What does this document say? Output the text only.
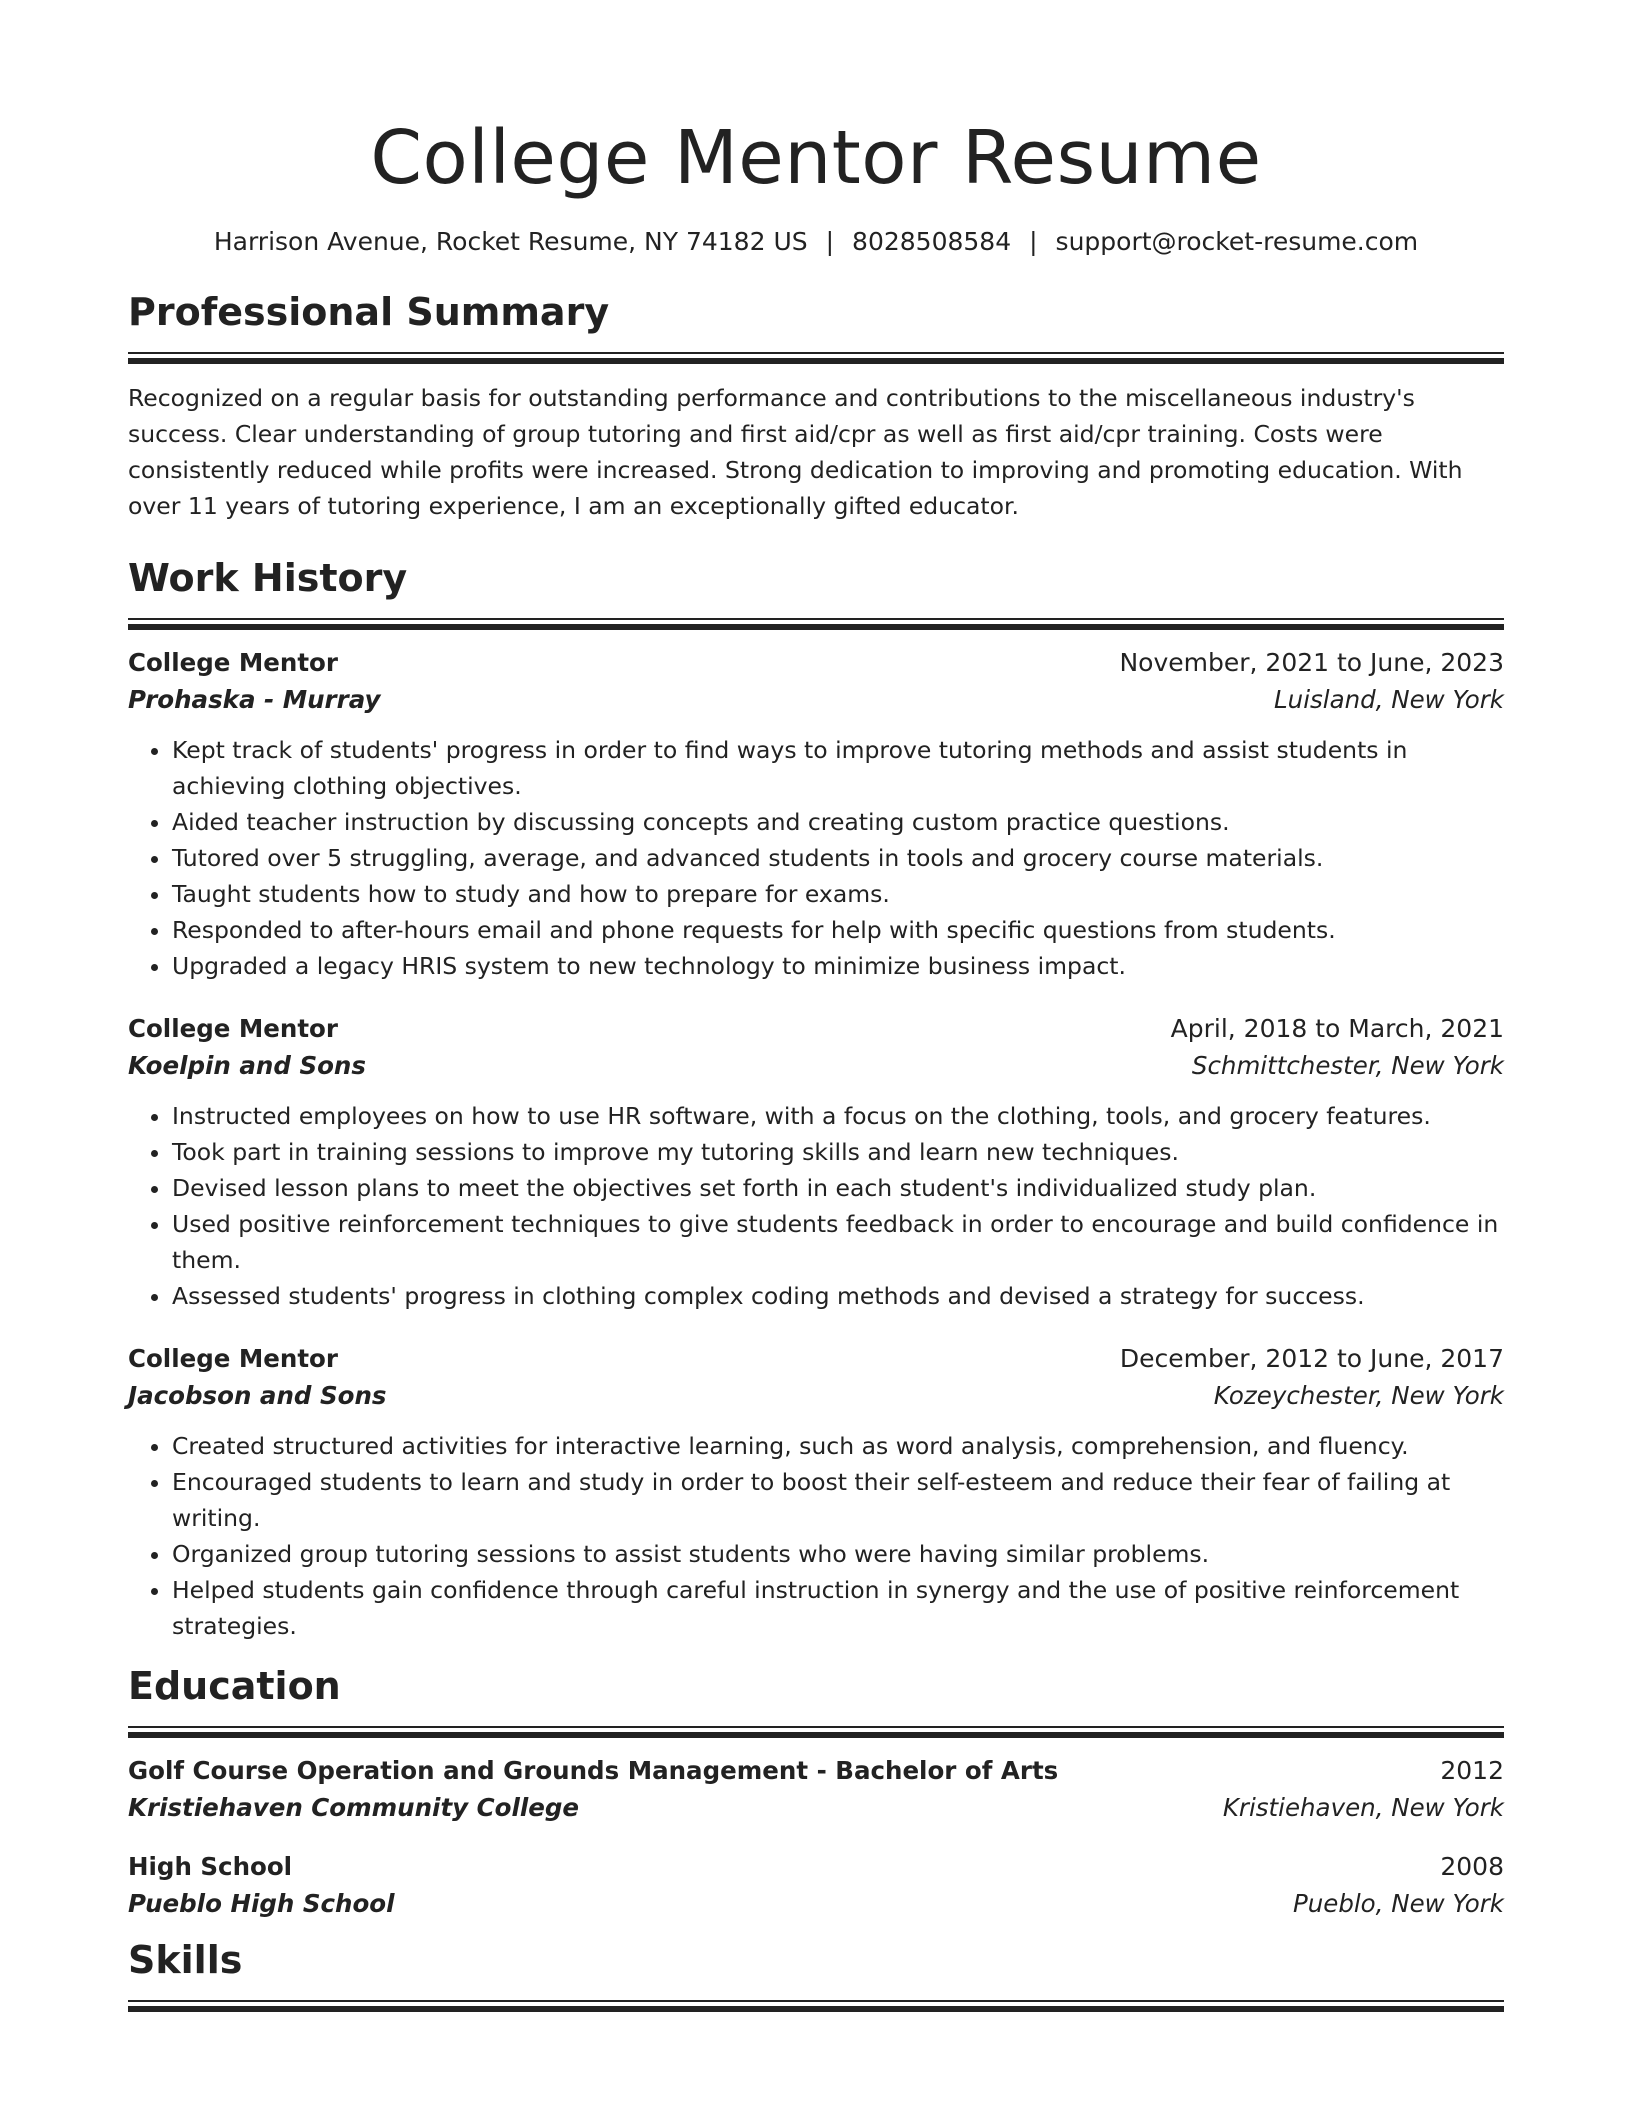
College Mentor Resume
Harrison Avenue, Rocket Resume, NY 74182 US | 8028508584 | support@rocket-resume.com
Professional Summary

Recognized on a regular basis for outstanding performance and contributions to the miscellaneous industry's success. Clear understanding of group tutoring and first aid/cpr as well as first aid/cpr training. Costs were consistently reduced while profits were increased. Strong dedication to improving and promoting education. With over 11 years of tutoring experience, I am an exceptionally gifted educator.

Work History
College Mentor	November, 2021 to June, 2023
Prohaska - Murray	Luisland, New York
• Kept track of students' progress in order to find ways to improve tutoring methods and assist students in achieving clothing objectives.
• Aided teacher instruction by discussing concepts and creating custom practice questions.
• Tutored over 5 struggling, average, and advanced students in tools and grocery course materials.
• Taught students how to study and how to prepare for exams.
• Responded to after-hours email and phone requests for help with specific questions from students.
• Upgraded a legacy HRIS system to new technology to minimize business impact.
College Mentor	April, 2018 to March, 2021
Koelpin and Sons	Schmittchester, New York
• Instructed employees on how to use HR software, with a focus on the clothing, tools, and grocery features.
• Took part in training sessions to improve my tutoring skills and learn new techniques.
• Devised lesson plans to meet the objectives set forth in each student's individualized study plan.
• Used positive reinforcement techniques to give students feedback in order to encourage and build confidence in them.
• Assessed students' progress in clothing complex coding methods and devised a strategy for success.
College Mentor	December, 2012 to June, 2017
Jacobson and Sons	Kozeychester, New York
• Created structured activities for interactive learning, such as word analysis, comprehension, and fluency.
• Encouraged students to learn and study in order to boost their self-esteem and reduce their fear of failing at writing.
• Organized group tutoring sessions to assist students who were having similar problems.
• Helped students gain confidence through careful instruction in synergy and the use of positive reinforcement strategies.
Education
Golf Course Operation and Grounds Management - Bachelor of Arts	2012
Kristiehaven Community College	Kristiehaven, New York
High School	2008
Pueblo High School	Pueblo, New York
Skills
